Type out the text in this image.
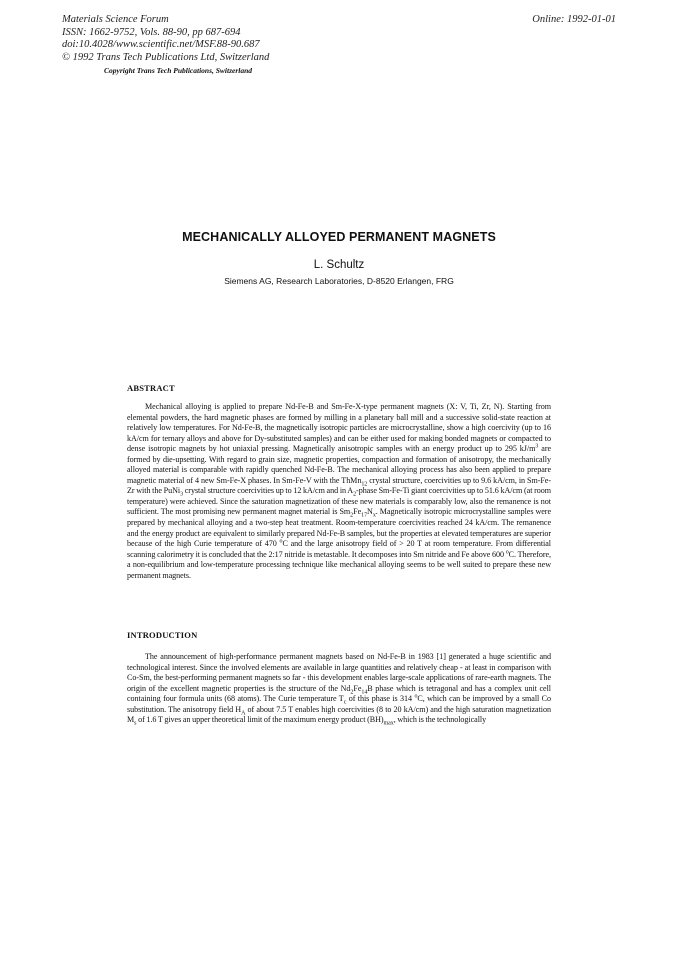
Materials Science Forum
ISSN: 1662-9752, Vols. 88-90, pp 687-694
doi:10.4028/www.scientific.net/MSF.88-90.687
© 1992 Trans Tech Publications Ltd, Switzerland
Online: 1992-01-01
Copyright Trans Tech Publications, Switzerland
MECHANICALLY ALLOYED PERMANENT MAGNETS
L. Schultz
Siemens AG, Research Laboratories, D-8520 Erlangen, FRG
ABSTRACT

Mechanical alloying is applied to prepare Nd-Fe-B and Sm-Fe-X-type permanent magnets (X: V, Ti, Zr, N). Starting from elemental powders, the hard magnetic phases are formed by milling in a planetary ball mill and a successive solid-state reaction at relatively low temperatures. For Nd-Fe-B, the magnetically isotropic particles are microcrystalline, show a high coercivity (up to 16 kA/cm for ternary alloys and above for Dy-substituted samples) and can be either used for making bonded magnets or compacted to dense isotropic magnets by hot uniaxial pressing. Magnetically anisotropic samples with an energy product up to 295 $kJ/m^3$ are formed by die-upsetting. With regard to grain size, magnetic properties, compaction and formation of anisotropy, the mechanically alloyed material is comparable with rapidly quenched Nd-Fe-B. The mechanical alloying process has also been applied to prepare magnetic material of 4 new Sm-Fe-X phases. In Sm-Fe-V with the ThMn$_{12}$ crystal structure, coercivities up to 9.6 kA/cm, in Sm-Fe-Zr with the PuNi$_3$ crystal structure coercivities up to 12 kA/cm and in $A_2$-phase Sm-Fe-Ti giant coercivities up to 51.6 kA/cm (at room temperature) were achieved. Since the saturation magnetization of these new materials is comparably low, also the remanence is not sufficient. The most promising new permanent magnet material is $Sm_2Fe_{17}N_x$. Magnetically isotropic microcrystalline samples were prepared by mechanical alloying and a two-step heat treatment. Room-temperature coercivities reached 24 kA/cm. The remanence and the energy product are equivalent to similarly prepared Nd-Fe-B samples, but the properties at elevated temperatures are superior because of the high Curie temperature of 470 $^o$C and the large anisotropy field of > 20 T at room temperature. From differential scanning calorimetry it is concluded that the 2:17 nitride is metastable. It decomposes into Sm nitride and Fe above 600 $^o$C. Therefore, a non-equilibrium and low-temperature processing technique like mechanical alloying seems to be well suited to prepare these new permanent magnets.

INTRODUCTION

The announcement of high-performance permanent magnets based on Nd-Fe-B in 1983 [1] generated a huge scientific and technological interest. Since the involved elements are available in large quantities and relatively cheap - at least in comparison with Co-Sm, the best-performing permanent magnets so far - this development enables large-scale applications of rare-earth magnets. The origin of the excellent magnetic properties is the structure of the $Nd_2Fe_{14}B$ phase which is tetragonal and has a complex unit cell containing four formula units (68 atoms). The Curie temperature $T_c$ of this phase is 314 $^o$C, which can be improved by a small Co substitution. The anisotropy field $H_A$ of about 7.5 T enables high coercivities (8 to 20 kA/cm) and the high saturation magnetization $M_s$ of 1.6 T gives an upper theoretical limit of the maximum energy product $(BH)_{max}$, which is the technologically
